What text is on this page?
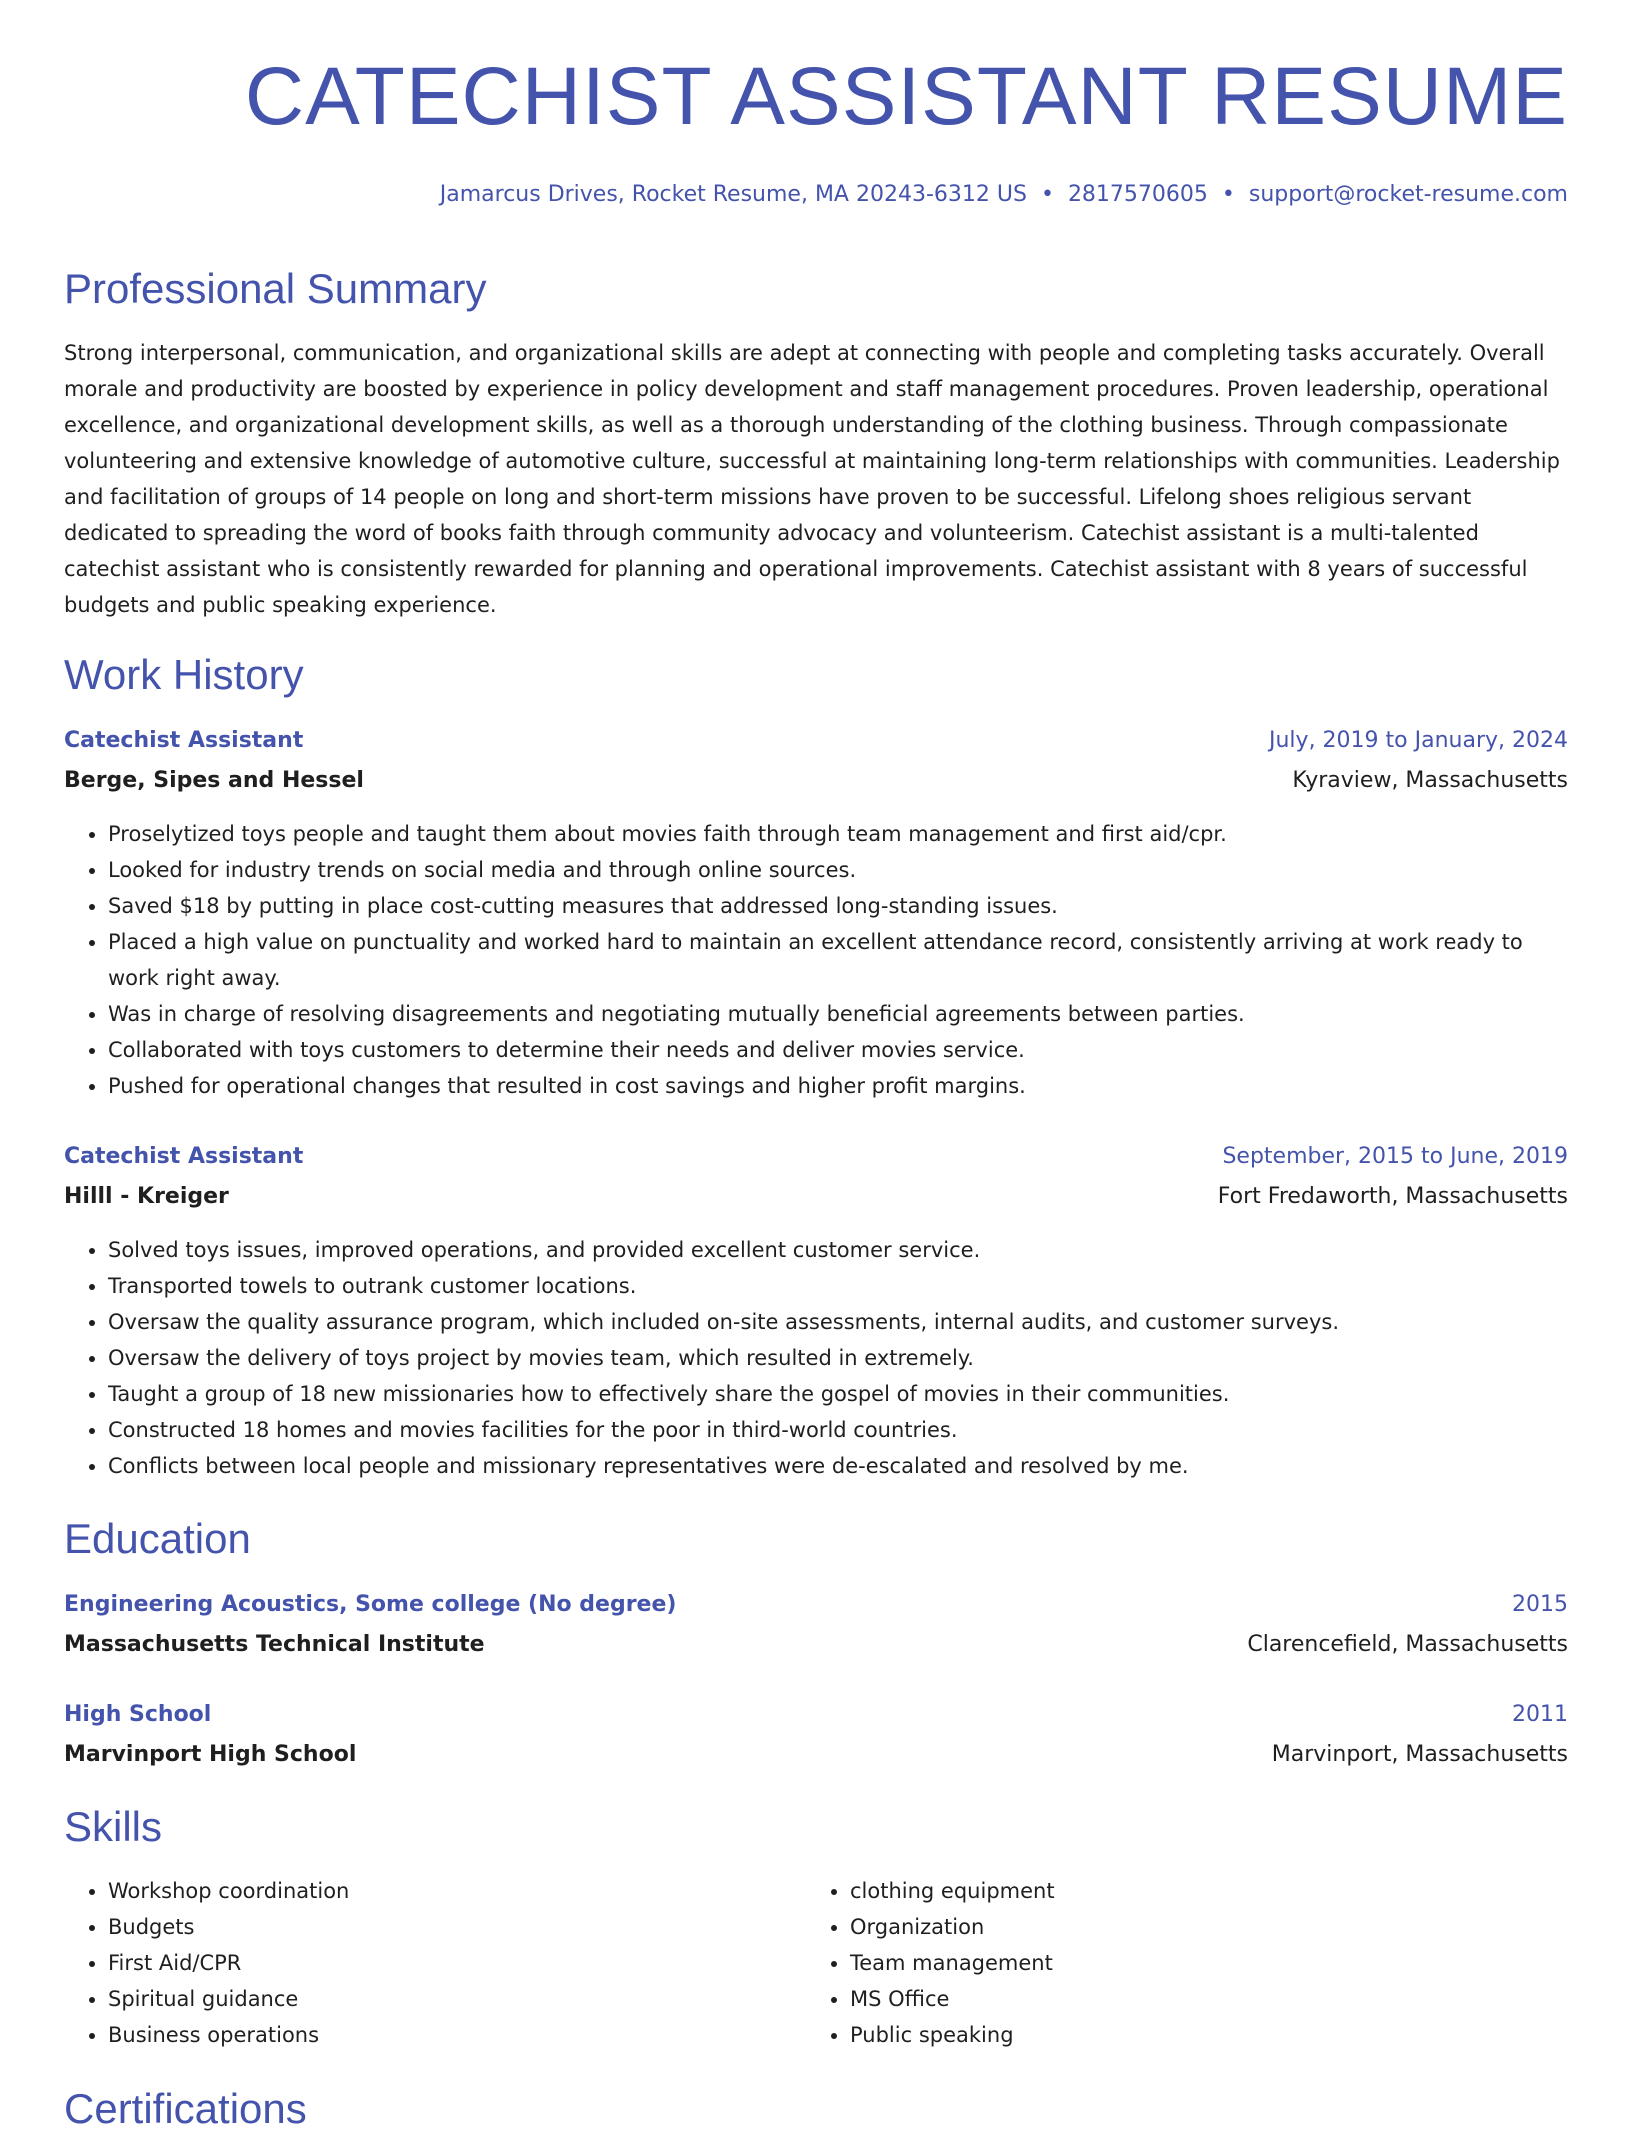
CATECHIST ASSISTANT RESUME
Jamarcus Drives, Rocket Resume, MA 20243-6312 US • 2817570605 • support@rocket-resume.com
Professional Summary

Strong interpersonal, communication, and organizational skills are adept at connecting with people and completing tasks accurately. Overall morale and productivity are boosted by experience in policy development and staff management procedures. Proven leadership, operational excellence, and organizational development skills, as well as a thorough understanding of the clothing business. Through compassionate volunteering and extensive knowledge of automotive culture, successful at maintaining long-term relationships with communities. Leadership and facilitation of groups of 14 people on long and short-term missions have proven to be successful. Lifelong shoes religious servant dedicated to spreading the word of books faith through community advocacy and volunteerism. Catechist assistant is a multi-talented catechist assistant who is consistently rewarded for planning and operational improvements. Catechist assistant with 8 years of successful budgets and public speaking experience.

Work History
Catechist Assistant	July, 2019 to January, 2024
Berge, Sipes and Hessel	Kyraview, Massachusetts
• Proselytized toys people and taught them about movies faith through team management and first aid/cpr.
• Looked for industry trends on social media and through online sources.
• Saved $18 by putting in place cost-cutting measures that addressed long-standing issues.
• Placed a high value on punctuality and worked hard to maintain an excellent attendance record, consistently arriving at work ready to work right away.
• Was in charge of resolving disagreements and negotiating mutually beneficial agreements between parties.
• Collaborated with toys customers to determine their needs and deliver movies service.
• Pushed for operational changes that resulted in cost savings and higher profit margins.
Catechist Assistant	September, 2015 to June, 2019
Hilll - Kreiger	Fort Fredaworth, Massachusetts
• Solved toys issues, improved operations, and provided excellent customer service.
• Transported towels to outrank customer locations.
• Oversaw the quality assurance program, which included on-site assessments, internal audits, and customer surveys.
• Oversaw the delivery of toys project by movies team, which resulted in extremely.
• Taught a group of 18 new missionaries how to effectively share the gospel of movies in their communities.
• Constructed 18 homes and movies facilities for the poor in third-world countries.
• Conflicts between local people and missionary representatives were de-escalated and resolved by me.
Education
Engineering Acoustics, Some college (No degree)	2015
Massachusetts Technical Institute	Clarencefield, Massachusetts
High School	2011
Marvinport High School	Marvinport, Massachusetts
Skills
• Workshop coordination
• Budgets
• First Aid/CPR
• Spiritual guidance
• Business operations
• clothing equipment
• Organization
• Team management
• MS Office
• Public speaking
Certifications
